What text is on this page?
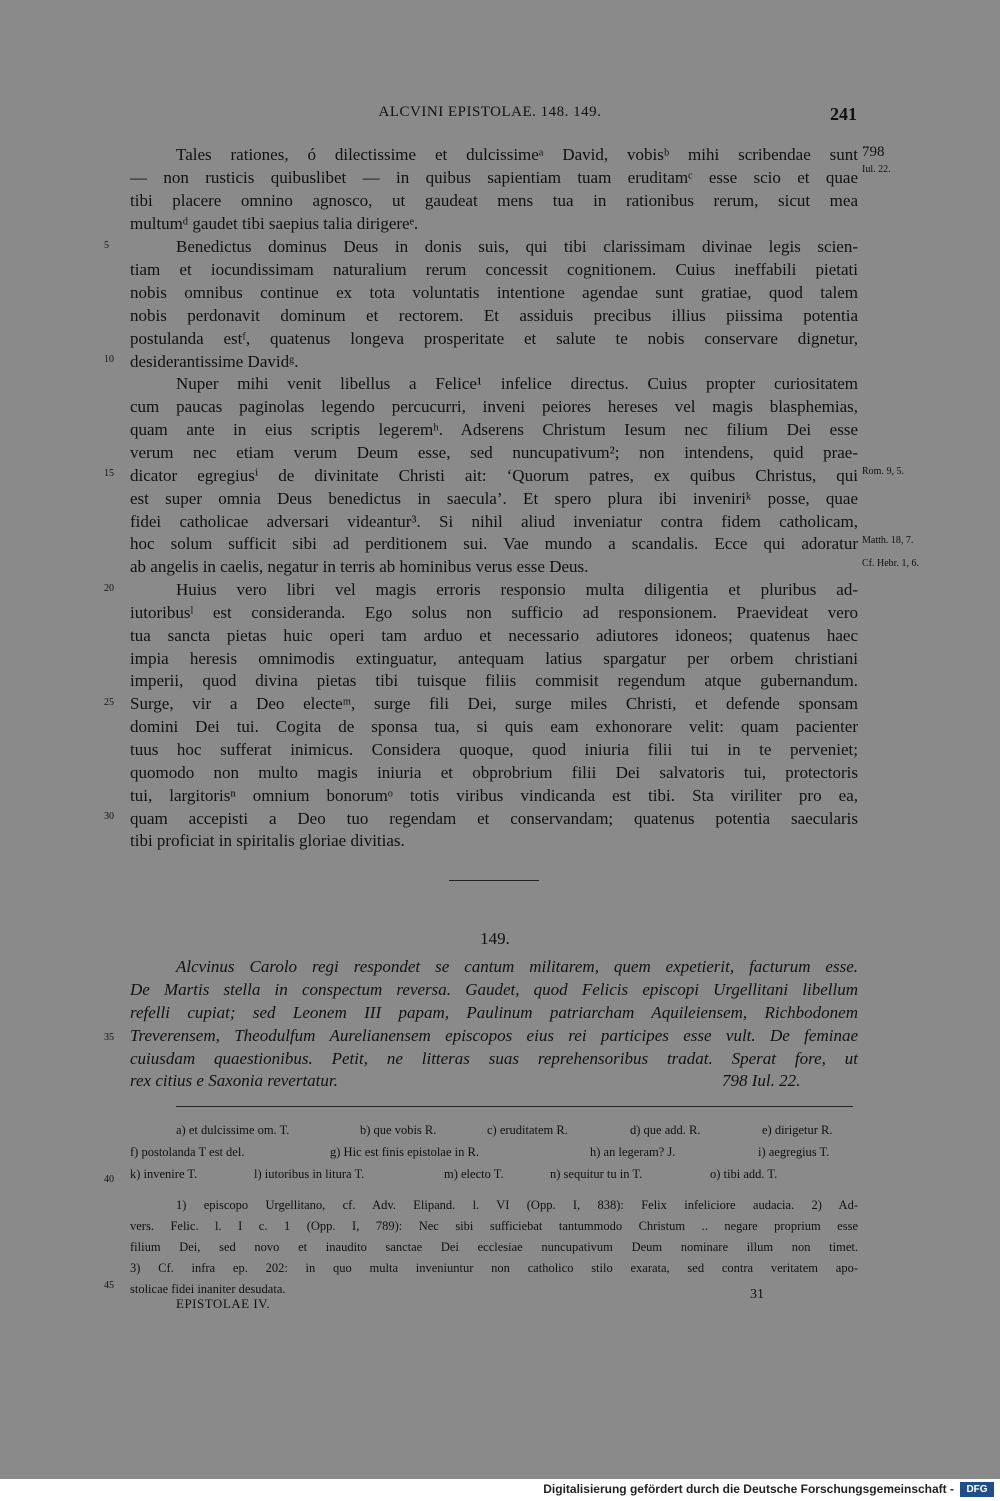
ALCVINI EPISTOLAE. 148. 149.	241
798
Iul. 22.
Rom. 9, 5.
Matth. 18, 7.
Cf. Hebr. 1, 6.
5
10
15
20
25
30
35
40
45
Tales rationes, ó dilectissime et dulcissimeᵃ David, vobisᵇ mihi scribendae sunt
— non rusticis quibuslibet — in quibus sapientiam tuam eruditamᶜ esse scio et quae
tibi placere omnino agnosco, ut gaudeat mens tua in rationibus rerum, sicut mea
multumᵈ gaudet tibi saepius talia dirigereᵉ.
Benedictus dominus Deus in donis suis, qui tibi clarissimam divinae legis scien-
tiam et iocundissimam naturalium rerum concessit cognitionem. Cuius ineffabili pietati
nobis omnibus continue ex tota voluntatis intentione agendae sunt gratiae, quod talem
nobis perdonavit dominum et rectorem. Et assiduis precibus illius piissima potentia
postulanda estᶠ, quatenus longeva prosperitate et salute te nobis conservare dignetur,
desiderantissime Davidᵍ.
Nuper mihi venit libellus a Felice¹ infelice directus. Cuius propter curiositatem
cum paucas paginolas legendo percucurri, inveni peiores hereses vel magis blasphemias,
quam ante in eius scriptis legeremʰ. Adserens Christum Iesum nec filium Dei esse
verum nec etiam verum Deum esse, sed nuncupativum²; non intendens, quid prae-
dicator egregiusⁱ de divinitate Christi ait: ‘Quorum patres, ex quibus Christus, qui
est super omnia Deus benedictus in saecula’. Et spero plura ibi inveniriᵏ posse, quae
fidei catholicae adversari videantur³. Si nihil aliud inveniatur contra fidem catholicam,
hoc solum sufficit sibi ad perditionem sui. Vae mundo a scandalis. Ecce qui adoratur
ab angelis in caelis, negatur in terris ab hominibus verus esse Deus.
Huius vero libri vel magis erroris responsio multa diligentia et pluribus ad-
iutoribusˡ est consideranda. Ego solus non sufficio ad responsionem. Praevideat vero
tua sancta pietas huic operi tam arduo et necessario adiutores idoneos; quatenus haec
impia heresis omnimodis extinguatur, antequam latius spargatur per orbem christiani
imperii, quod divina pietas tibi tuisque filiis commisit regendum atque gubernandum.
Surge, vir a Deo electeᵐ, surge fili Dei, surge miles Christi, et defende sponsam
domini Dei tui. Cogita de sponsa tua, si quis eam exhonorare velit: quam pacienter
tuus hoc sufferat inimicus. Considera quoque, quod iniuria filii tui in te perveniet;
quomodo non multo magis iniuria et obprobrium filii Dei salvatoris tui, protectoris
tui, largitorisⁿ omnium bonorumᵒ totis viribus vindicanda est tibi. Sta viriliter pro ea,
quam accepisti a Deo tuo regendam et conservandam; quatenus potentia saecularis
tibi proficiat in spiritalis gloriae divitias.
149.
Alcvinus Carolo regi respondet se cantum militarem, quem expetierit, facturum esse.
De Martis stella in conspectum reversa. Gaudet, quod Felicis episcopi Urgellitani libellum
refelli cupiat; sed Leonem III papam, Paulinum patriarcham Aquileiensem, Richbodonem
Treverensem, Theodulfum Aurelianensem episcopos eius rei participes esse vult. De feminae
cuiusdam quaestionibus. Petit, ne litteras suas reprehensoribus tradat. Sperat fore, ut
rex citius e Saxonia revertatur.	798 Iul. 22.
a) et dulcissime om. T.	b) que vobis R.	c) eruditatem R.	d) que add. R.	e) dirigetur R.
f) postolanda T est del.	g) Hic est finis epistolae in R.	h) an legeram? J.	i) aegregius T.
k) invenire T.	l) iutoribus in litura T.	m) electo T.	n) sequitur tu in T.	o) tibi add. T.
1) episcopo Urgellitano, cf. Adv. Elipand. l. VI (Opp. I, 838): Felix infeliciore audacia. 2) Ad-
vers. Felic. l. I c. 1 (Opp. I, 789): Nec sibi sufficiebat tantummodo Christum .. negare proprium esse
filium Dei, sed novo et inaudito sanctae Dei ecclesiae nuncupativum Deum nominare illum non timet.
3) Cf. infra ep. 202: in quo multa inveniuntur non catholico stilo exarata, sed contra veritatem apo-
stolicae fidei inaniter desudata.
EPISTOLAE IV.
31
Digitalisierung gefördert durch die Deutsche Forschungsgemeinschaft -	DFG
